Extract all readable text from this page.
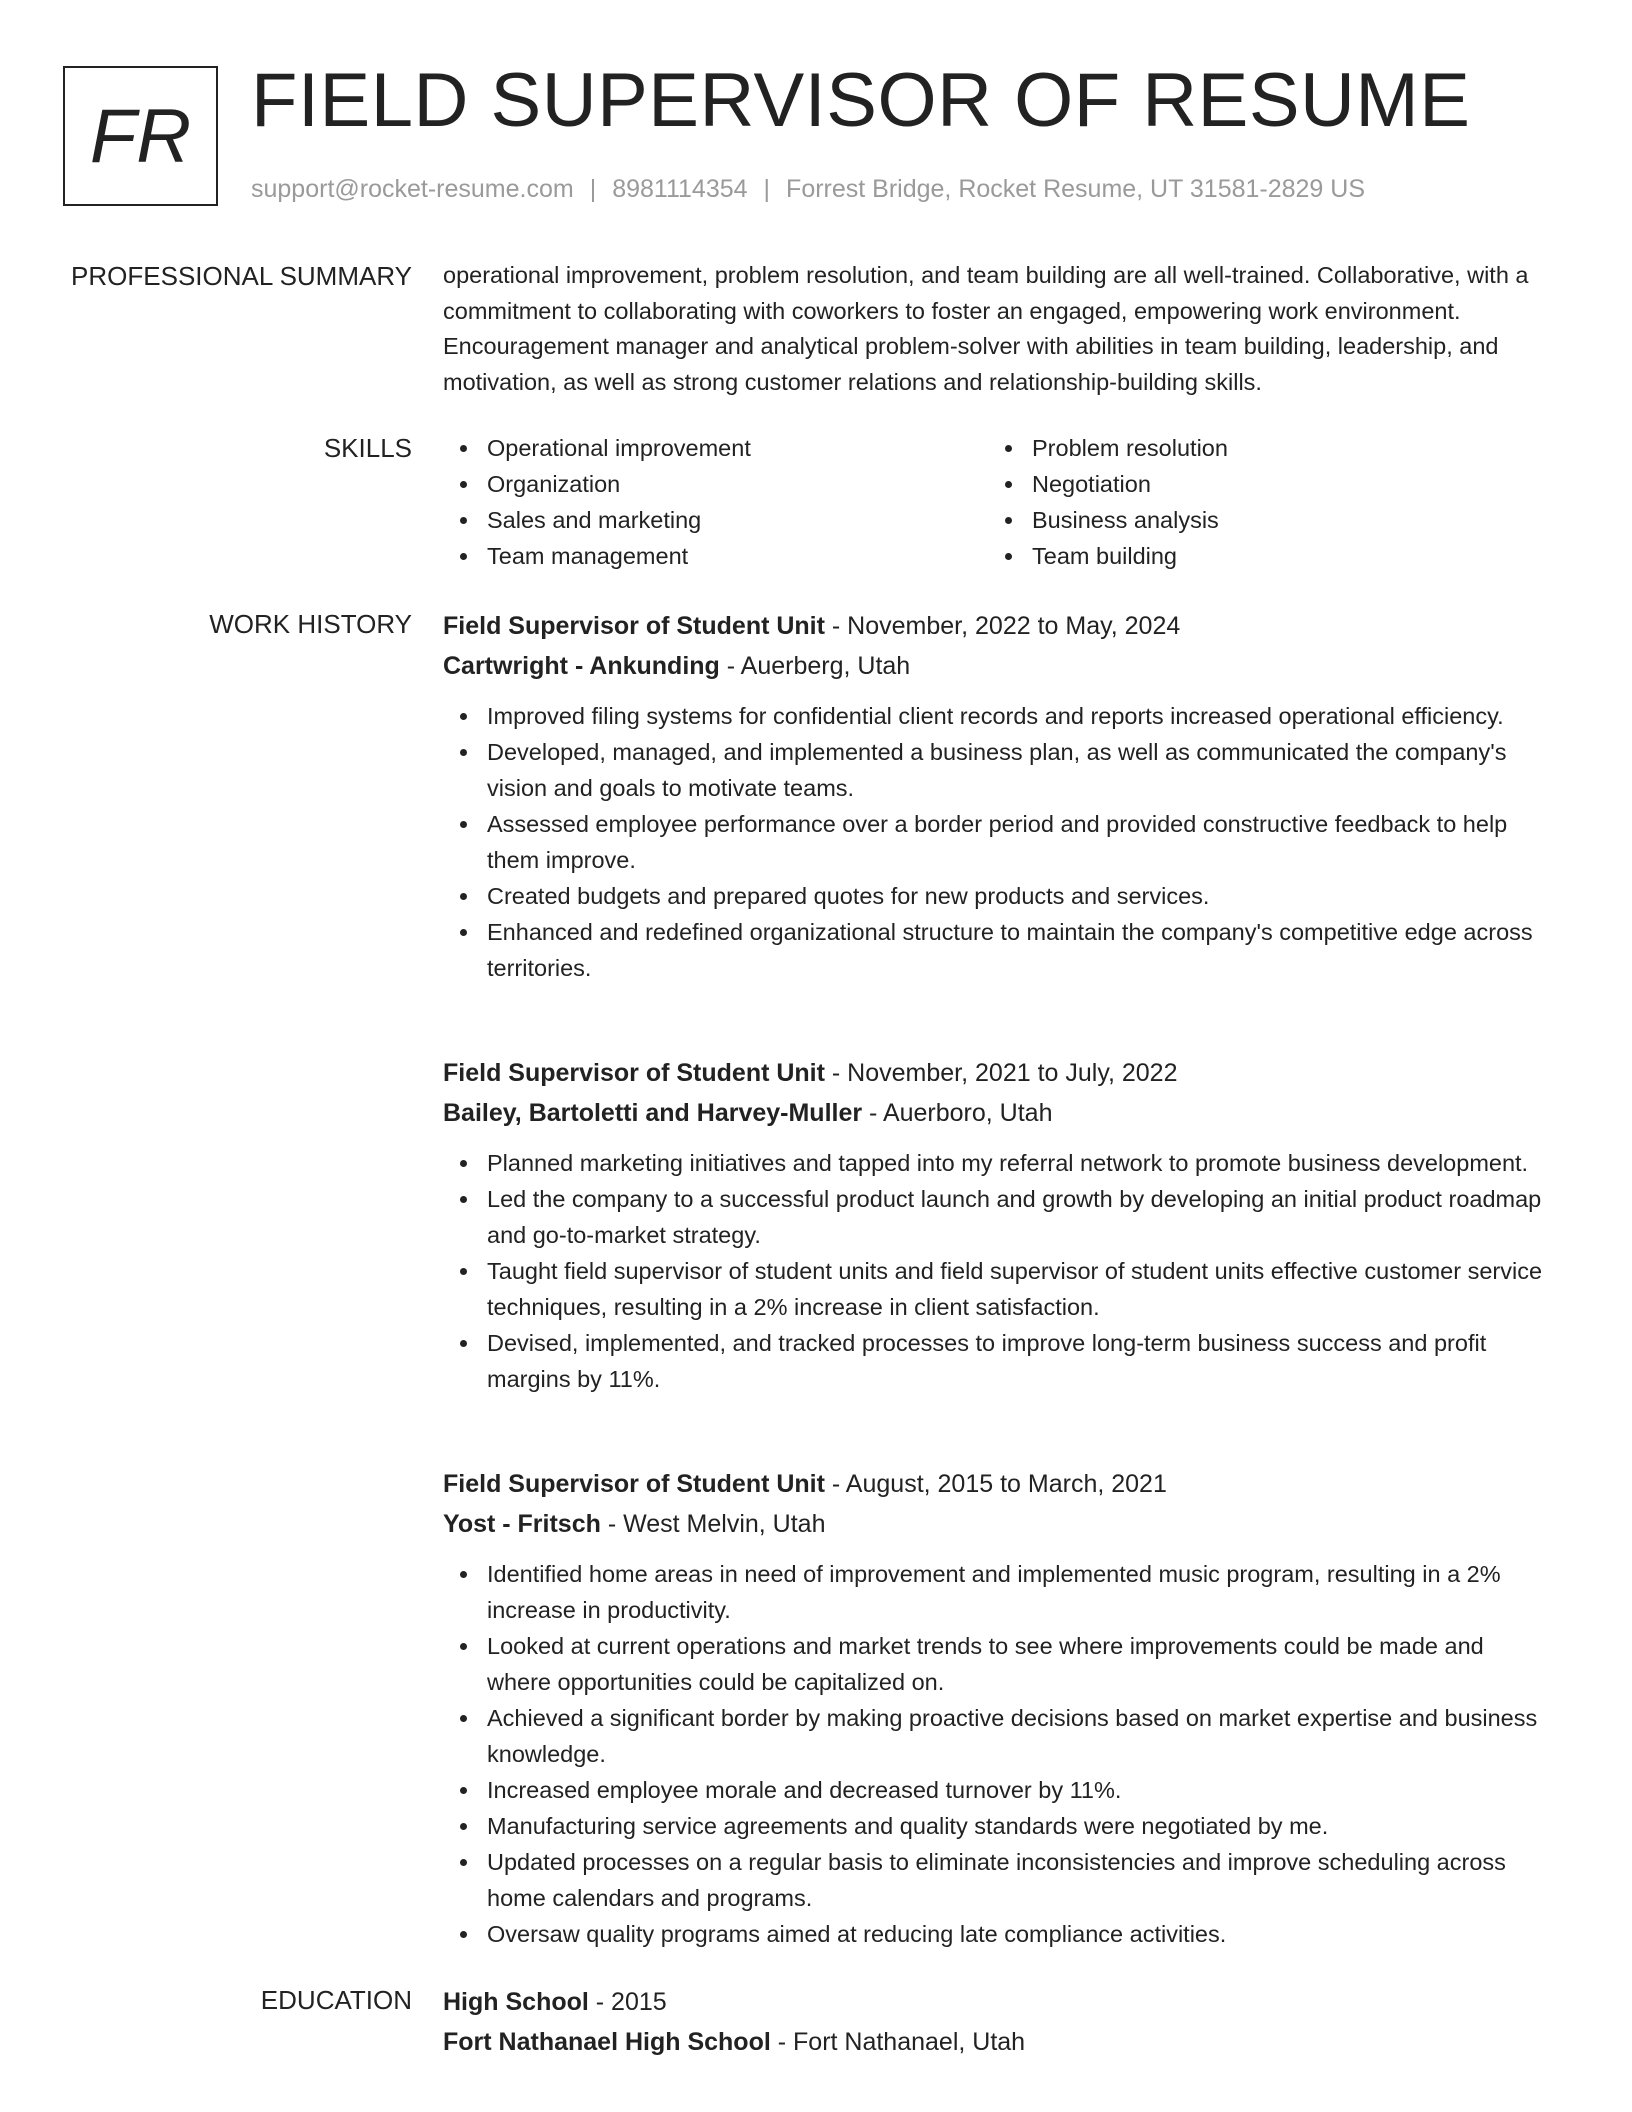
FR FIELD SUPERVISOR OF RESUME
support@rocket-resume.com | 8981114354 | Forrest Bridge, Rocket Resume, UT 31581-2829 US
PROFESSIONAL SUMMARY operational improvement, problem resolution, and team building are all well-trained. Collaborative, with a commitment to collaborating with coworkers to foster an engaged, empowering work environment. Encouragement manager and analytical problem-solver with abilities in team building, leadership, and motivation, as well as strong customer relations and relationship-building skills.

SKILLS	Operational improvement
Organization
Sales and marketing
Team management
Problem resolution
Negotiation
Business analysis
Team building
WORK HISTORY Field Supervisor of Student Unit - November, 2022 to May, 2024
Cartwright - Ankunding - Auerberg, Utah
Improved filing systems for confidential client records and reports increased operational efficiency.
Developed, managed, and implemented a business plan, as well as communicated the company's vision and goals to motivate teams.
Assessed employee performance over a border period and provided constructive feedback to help them improve.
Created budgets and prepared quotes for new products and services.
Enhanced and redefined organizational structure to maintain the company's competitive edge across territories.
Field Supervisor of Student Unit - November, 2021 to July, 2022
Bailey, Bartoletti and Harvey-Muller - Auerboro, Utah
Planned marketing initiatives and tapped into my referral network to promote business development.
Led the company to a successful product launch and growth by developing an initial product roadmap and go-to-market strategy.
Taught field supervisor of student units and field supervisor of student units effective customer service techniques, resulting in a 2% increase in client satisfaction.
Devised, implemented, and tracked processes to improve long-term business success and profit margins by 11%.
Field Supervisor of Student Unit - August, 2015 to March, 2021
Yost - Fritsch - West Melvin, Utah
Identified home areas in need of improvement and implemented music program, resulting in a 2% increase in productivity.
Looked at current operations and market trends to see where improvements could be made and where opportunities could be capitalized on.
Achieved a significant border by making proactive decisions based on market expertise and business knowledge.
Increased employee morale and decreased turnover by 11%.
Manufacturing service agreements and quality standards were negotiated by me.
Updated processes on a regular basis to eliminate inconsistencies and improve scheduling across home calendars and programs.
Oversaw quality programs aimed at reducing late compliance activities.
EDUCATION High School - 2015
Fort Nathanael High School - Fort Nathanael, Utah
